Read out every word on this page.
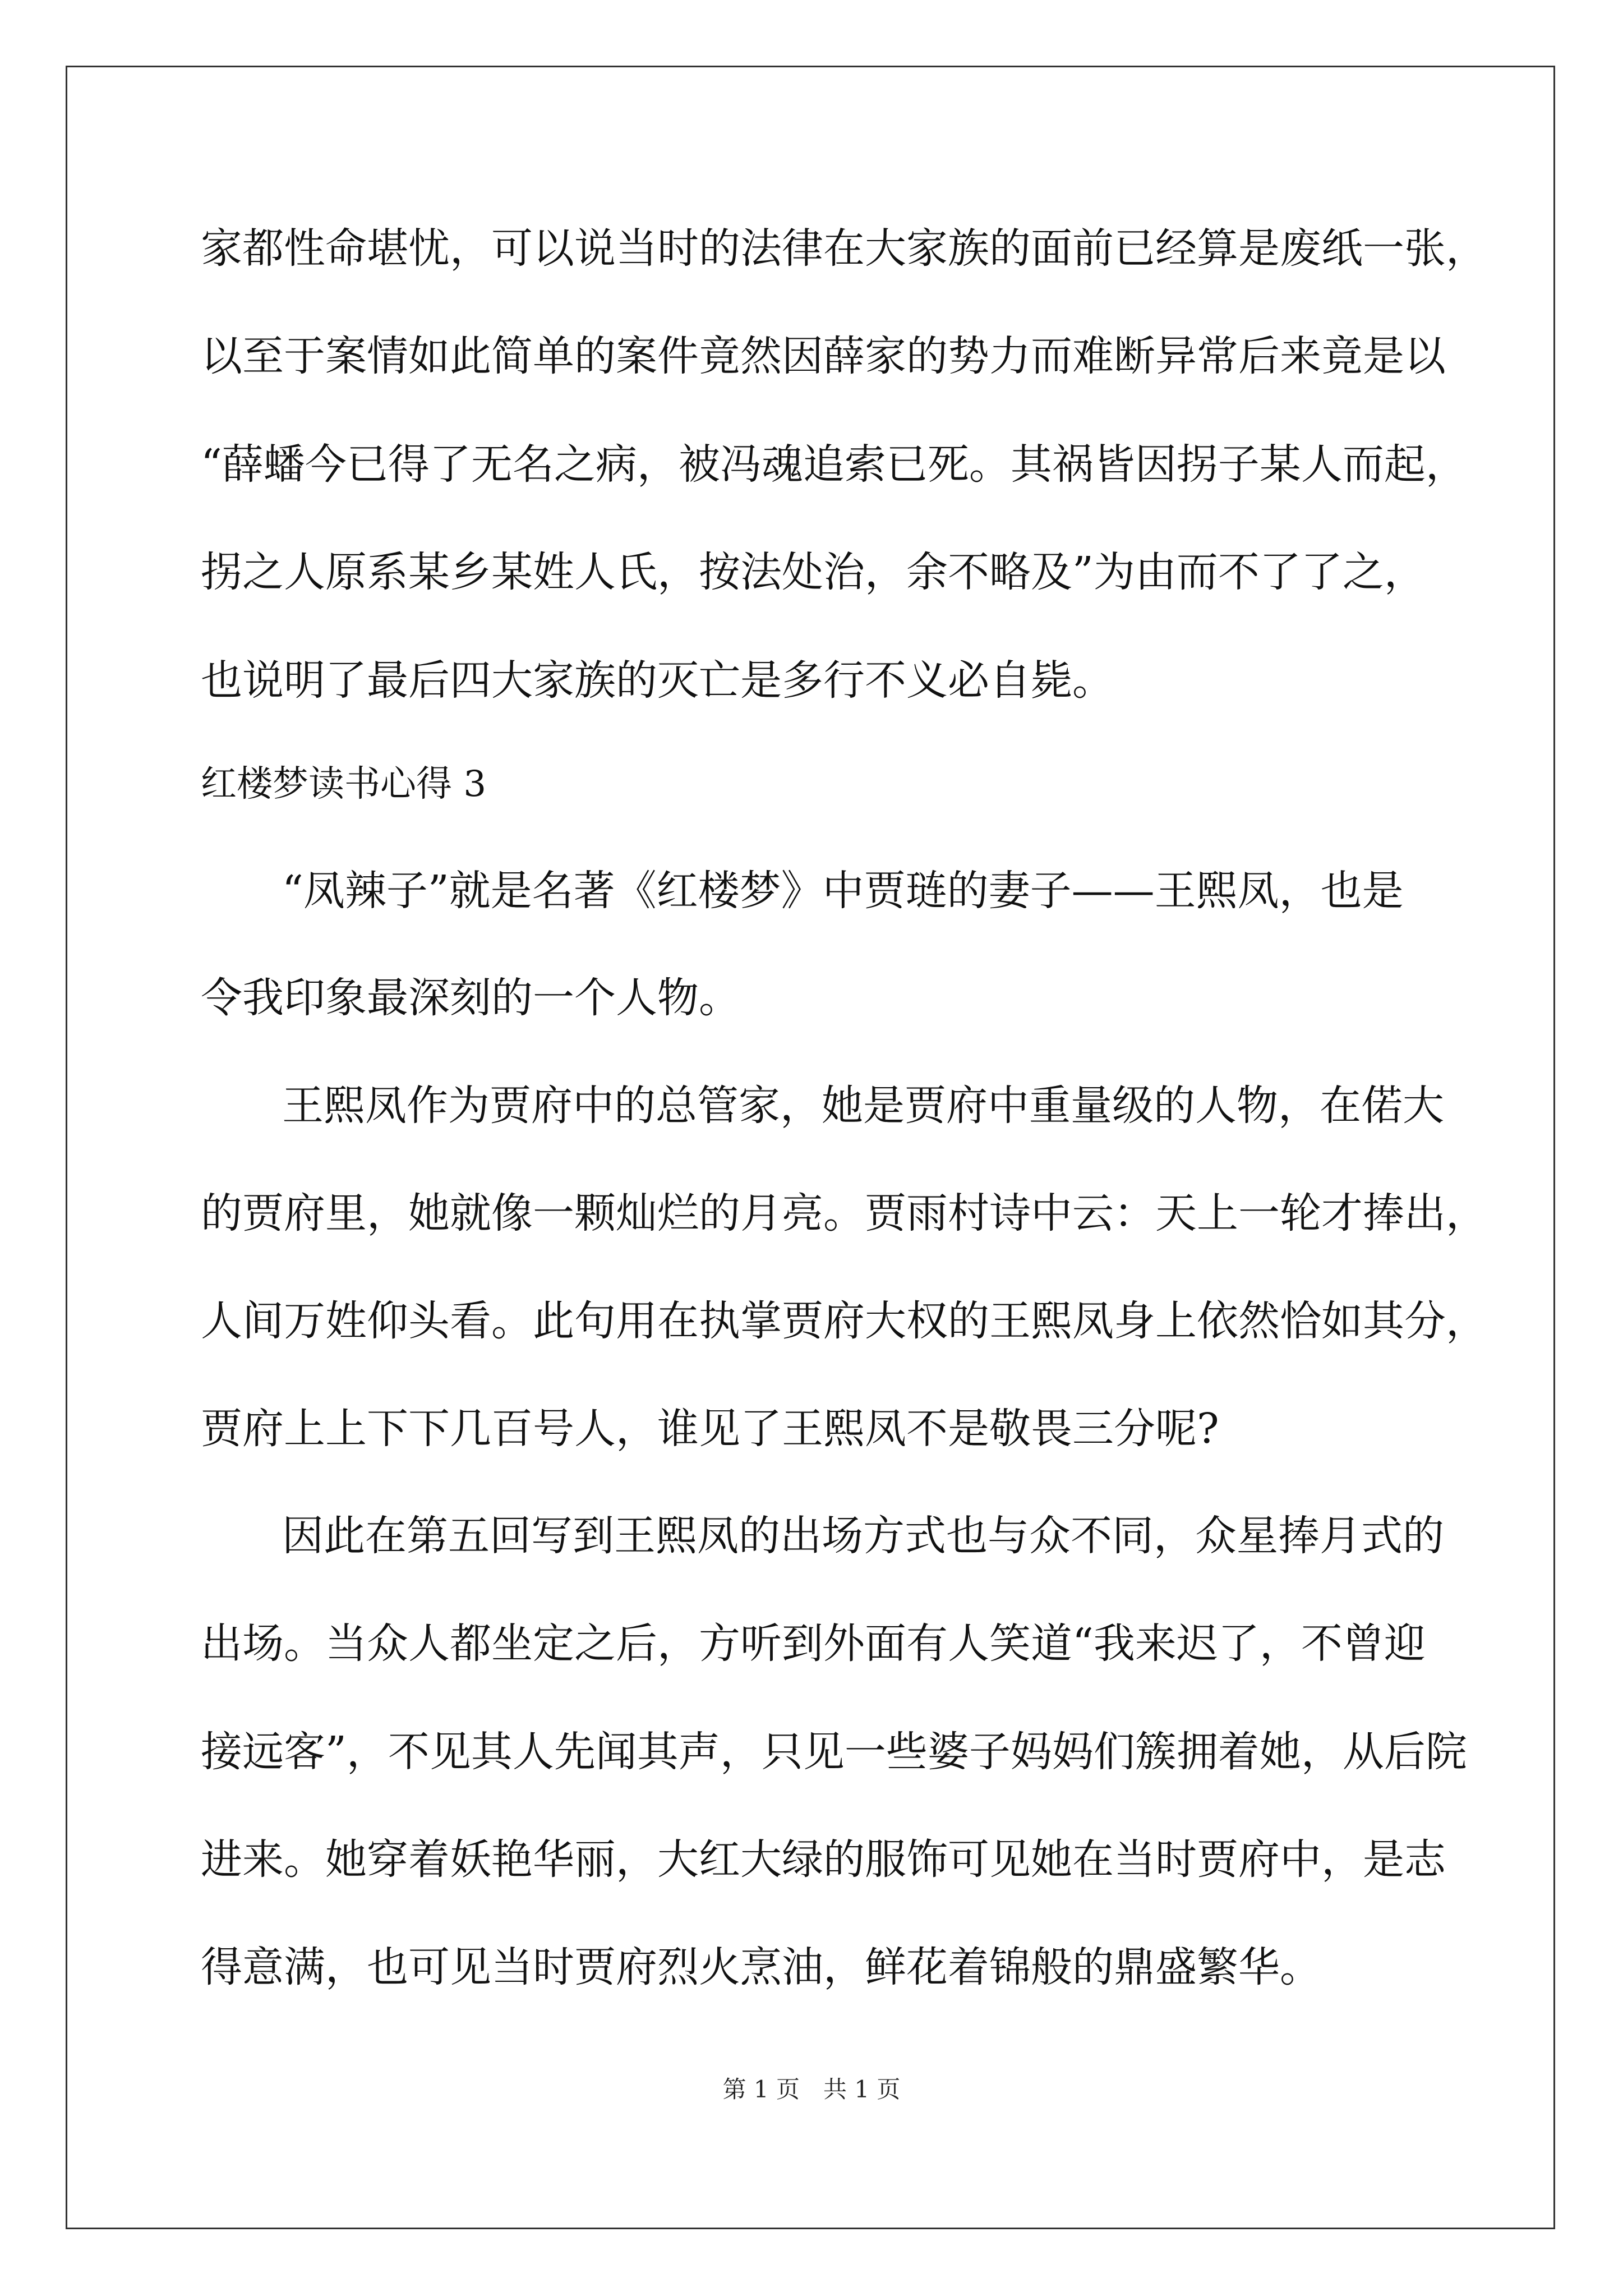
家都性命堪忧，可以说当时的法律在大家族的面前已经算是废纸一张，
以至于案情如此简单的案件竟然因薛家的势力而难断异常后来竟是以
“薛蟠今已得了无名之病，被冯魂追索已死。其祸皆因拐子某人而起，
拐之人原系某乡某姓人氏，按法处治，余不略及”为由而不了了之，
也说明了最后四大家族的灭亡是多行不义必自毙。
红楼梦读书心得 3
“凤辣子”就是名著《红楼梦》中贾琏的妻子——王熙凤，也是
令我印象最深刻的一个人物。
王熙凤作为贾府中的总管家，她是贾府中重量级的人物，在偌大
的贾府里，她就像一颗灿烂的月亮。贾雨村诗中云：天上一轮才捧出，
人间万姓仰头看。此句用在执掌贾府大权的王熙凤身上依然恰如其分，
贾府上上下下几百号人，谁见了王熙凤不是敬畏三分呢?
因此在第五回写到王熙凤的出场方式也与众不同，众星捧月式的
出场。当众人都坐定之后，方听到外面有人笑道“我来迟了，不曾迎
接远客”，不见其人先闻其声，只见一些婆子妈妈们簇拥着她，从后院
进来。她穿着妖艳华丽，大红大绿的服饰可见她在当时贾府中，是志
得意满，也可见当时贾府烈火烹油，鲜花着锦般的鼎盛繁华。
第 1 页　共 1 页
